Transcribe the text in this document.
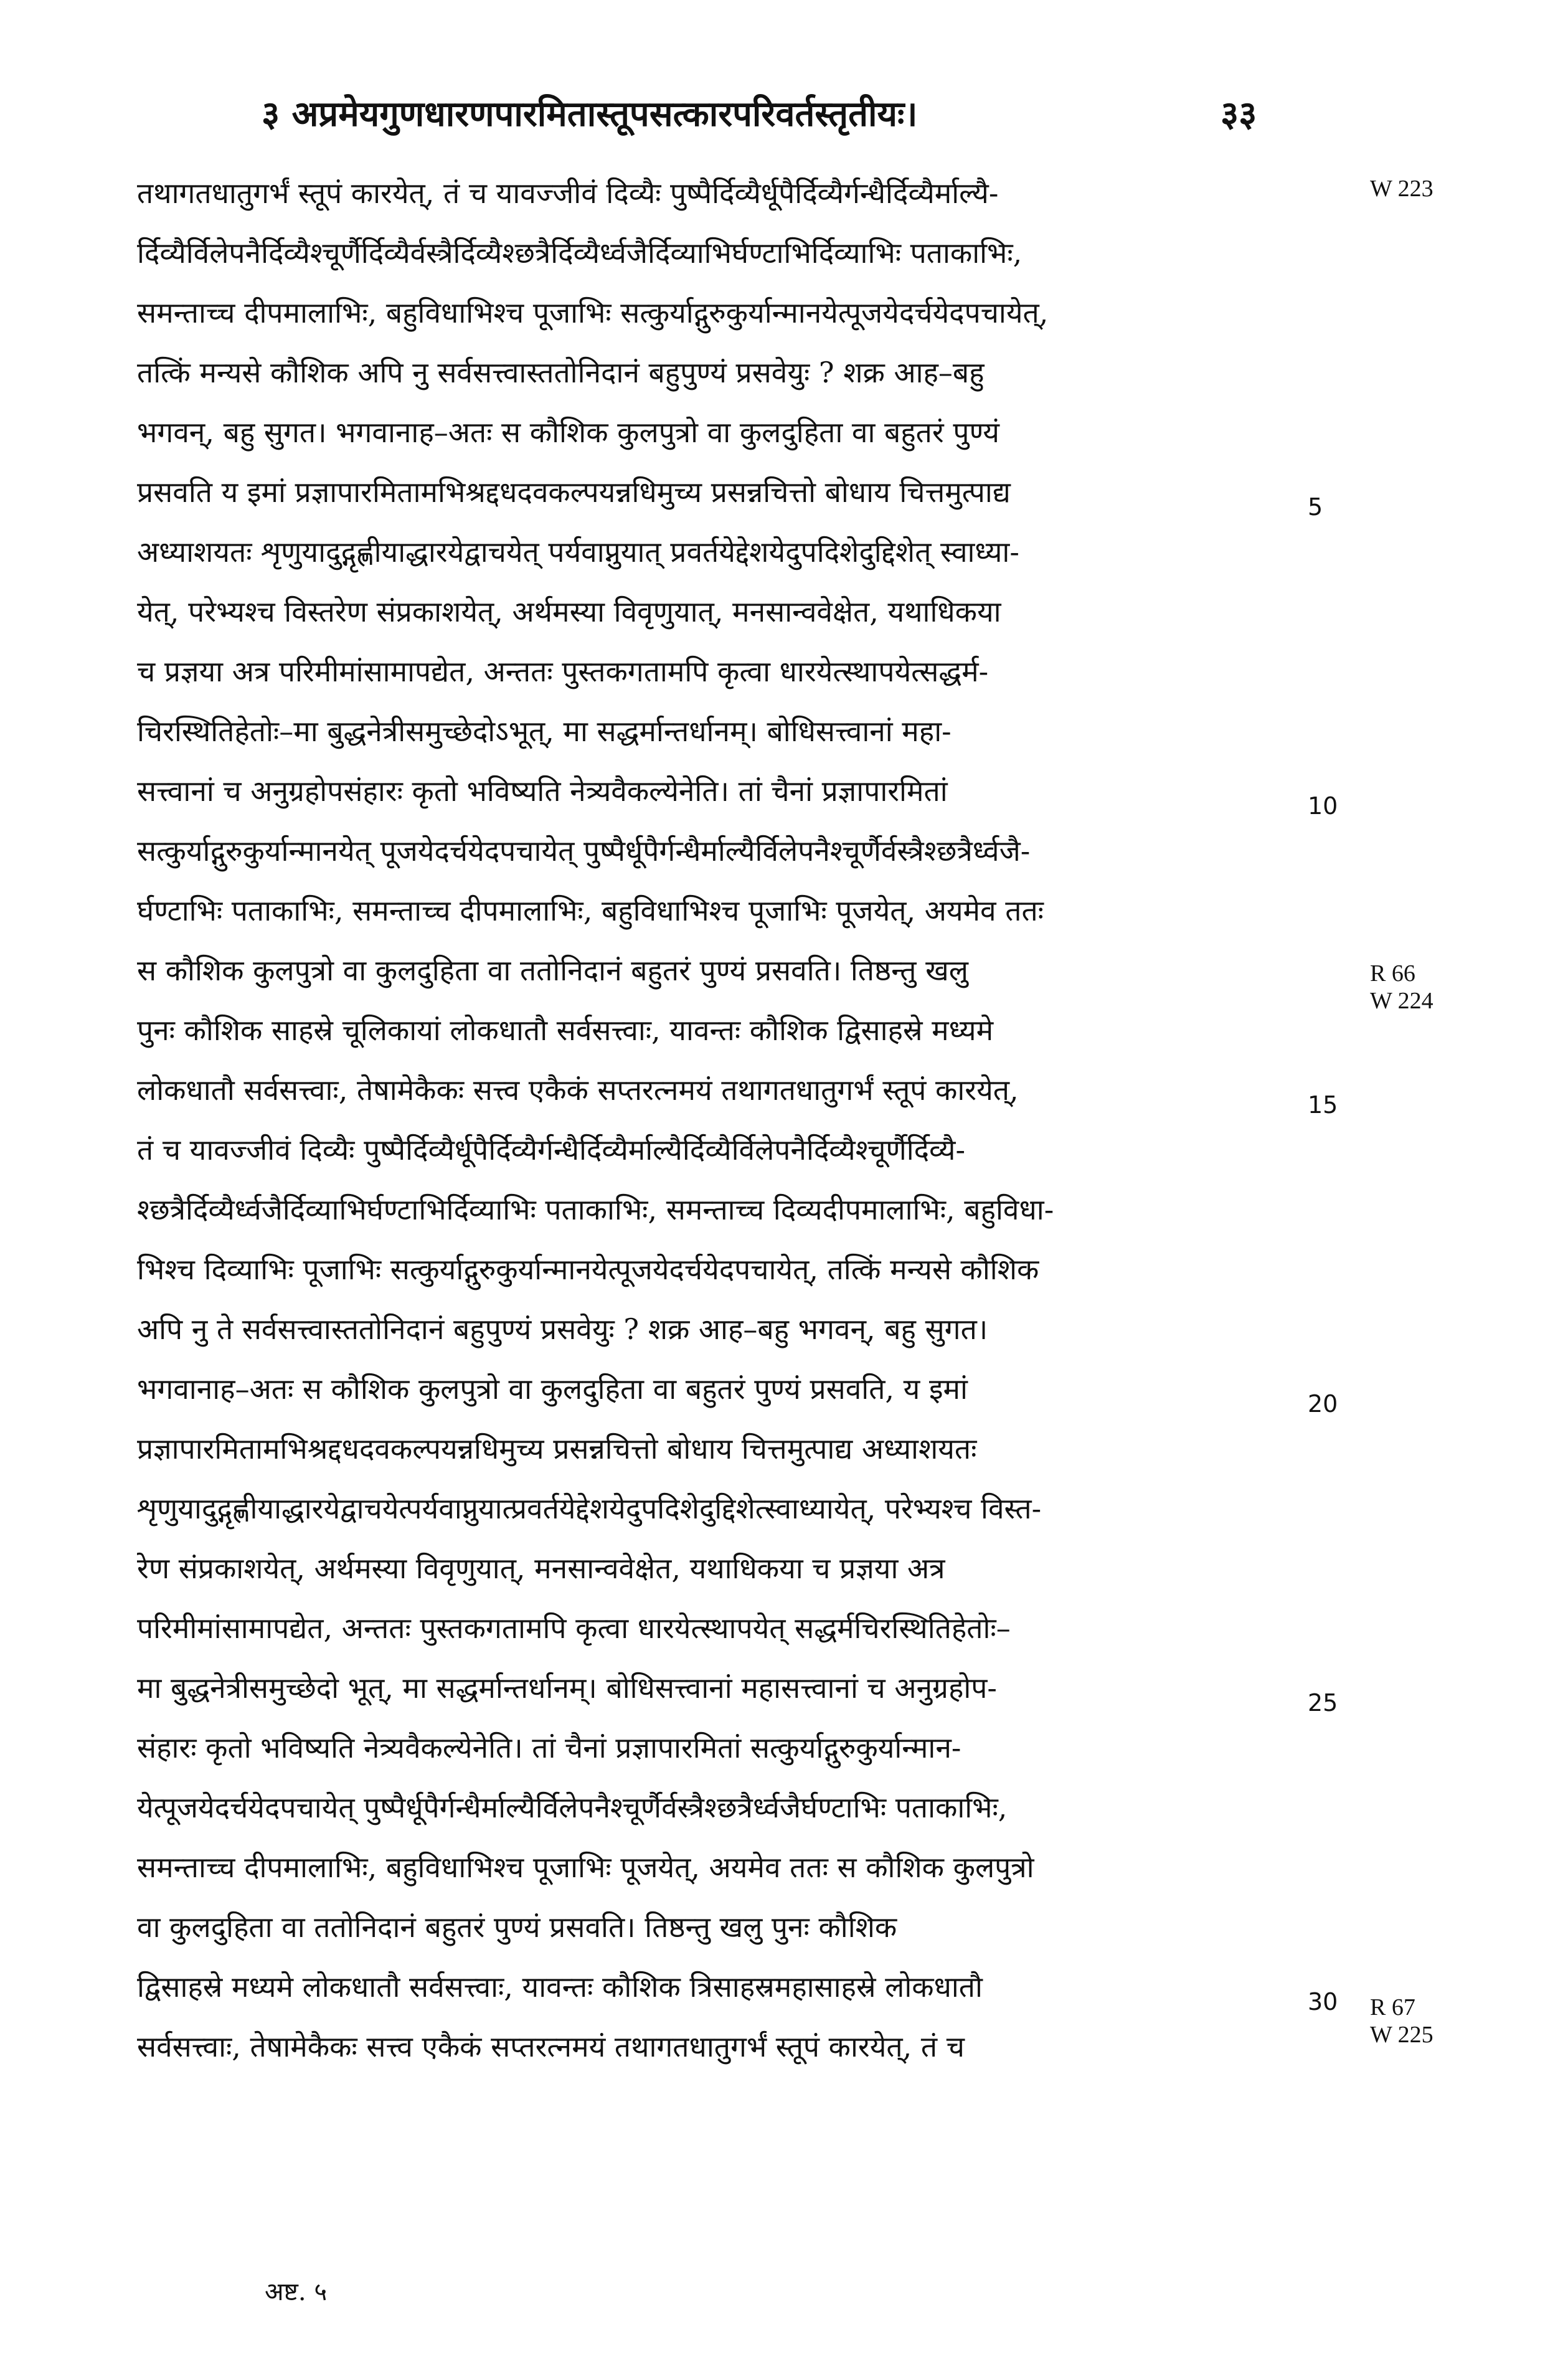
३ अप्रमेयगुणधारणपारमितास्तूपसत्कारपरिवर्तस्तृतीयः।	३३
तथागतधातुगर्भं स्तूपं कारयेत्, तं च यावज्जीवं दिव्यैः पुष्पैर्दिव्यैर्धूपैर्दिव्यैर्गन्धैर्दिव्यैर्माल्यै-
र्दिव्यैर्विलेपनैर्दिव्यैश्चूर्णैर्दिव्यैर्वस्त्रैर्दिव्यैश्छत्रैर्दिव्यैर्ध्वजैर्दिव्याभिर्घण्टाभिर्दिव्याभिः पताकाभिः,
समन्ताच्च दीपमालाभिः, बहुविधाभिश्च पूजाभिः सत्कुर्याद्गुरुकुर्यान्मानयेत्पूजयेदर्चयेदपचायेत्,
तत्किं मन्यसे कौशिक अपि नु सर्वसत्त्वास्ततोनिदानं बहुपुण्यं प्रसवेयुः ? शक्र आह–बहु
भगवन्, बहु सुगत। भगवानाह–अतः स कौशिक कुलपुत्रो वा कुलदुहिता वा बहुतरं पुण्यं
प्रसवति य इमां प्रज्ञापारमितामभिश्रद्दधदवकल्पयन्नधिमुच्य प्रसन्नचित्तो बोधाय चित्तमुत्पाद्य
अध्याशयतः शृणुयादुद्गृह्णीयाद्धारयेद्वाचयेत् पर्यवाप्नुयात् प्रवर्तयेद्देशयेदुपदिशेदुद्दिशेत् स्वाध्या-
येत्, परेभ्यश्च विस्तरेण संप्रकाशयेत्, अर्थमस्या विवृणुयात्, मनसान्ववेक्षेत, यथाधिकया
च प्रज्ञया अत्र परिमीमांसामापद्येत, अन्ततः पुस्तकगतामपि कृत्वा धारयेत्स्थापयेत्सद्धर्म-
चिरस्थितिहेतोः–मा बुद्धनेत्रीसमुच्छेदोऽभूत्, मा सद्धर्मान्तर्धानम्। बोधिसत्त्वानां महा-
सत्त्वानां च अनुग्रहोपसंहारः कृतो भविष्यति नेत्र्यवैकल्येनेति। तां चैनां प्रज्ञापारमितां
सत्कुर्याद्गुरुकुर्यान्मानयेत् पूजयेदर्चयेदपचायेत् पुष्पैर्धूपैर्गन्धैर्माल्यैर्विलेपनैश्चूर्णैर्वस्त्रैश्छत्रैर्ध्वजै-
र्घण्टाभिः पताकाभिः, समन्ताच्च दीपमालाभिः, बहुविधाभिश्च पूजाभिः पूजयेत्, अयमेव ततः
स कौशिक कुलपुत्रो वा कुलदुहिता वा ततोनिदानं बहुतरं पुण्यं प्रसवति। तिष्ठन्तु खलु
पुनः कौशिक साहस्रे चूलिकायां लोकधातौ सर्वसत्त्वाः, यावन्तः कौशिक द्विसाहस्रे मध्यमे
लोकधातौ सर्वसत्त्वाः, तेषामेकैकः सत्त्व एकैकं सप्तरत्नमयं तथागतधातुगर्भं स्तूपं कारयेत्,
तं च यावज्जीवं दिव्यैः पुष्पैर्दिव्यैर्धूपैर्दिव्यैर्गन्धैर्दिव्यैर्माल्यैर्दिव्यैर्विलेपनैर्दिव्यैश्चूर्णैर्दिव्यै-
श्छत्रैर्दिव्यैर्ध्वजैर्दिव्याभिर्घण्टाभिर्दिव्याभिः पताकाभिः, समन्ताच्च दिव्यदीपमालाभिः, बहुविधा-
भिश्च दिव्याभिः पूजाभिः सत्कुर्याद्गुरुकुर्यान्मानयेत्पूजयेदर्चयेदपचायेत्, तत्किं मन्यसे कौशिक
अपि नु ते सर्वसत्त्वास्ततोनिदानं बहुपुण्यं प्रसवेयुः ? शक्र आह–बहु भगवन्, बहु सुगत।
भगवानाह–अतः स कौशिक कुलपुत्रो वा कुलदुहिता वा बहुतरं पुण्यं प्रसवति, य इमां
प्रज्ञापारमितामभिश्रद्दधदवकल्पयन्नधिमुच्य प्रसन्नचित्तो बोधाय चित्तमुत्पाद्य अध्याशयतः
शृणुयादुद्गृह्णीयाद्धारयेद्वाचयेत्पर्यवाप्नुयात्प्रवर्तयेद्देशयेदुपदिशेदुद्दिशेत्स्वाध्यायेत्, परेभ्यश्च विस्त-
रेण संप्रकाशयेत्, अर्थमस्या विवृणुयात्, मनसान्ववेक्षेत, यथाधिकया च प्रज्ञया अत्र
परिमीमांसामापद्येत, अन्ततः पुस्तकगतामपि कृत्वा धारयेत्स्थापयेत् सद्धर्मचिरस्थितिहेतोः–
मा बुद्धनेत्रीसमुच्छेदो भूत्, मा सद्धर्मान्तर्धानम्। बोधिसत्त्वानां महासत्त्वानां च अनुग्रहोप-
संहारः कृतो भविष्यति नेत्र्यवैकल्येनेति। तां चैनां प्रज्ञापारमितां सत्कुर्याद्गुरुकुर्यान्मान-
येत्पूजयेदर्चयेदपचायेत् पुष्पैर्धूपैर्गन्धैर्माल्यैर्विलेपनैश्चूर्णैर्वस्त्रैश्छत्रैर्ध्वजैर्घण्टाभिः पताकाभिः,
समन्ताच्च दीपमालाभिः, बहुविधाभिश्च पूजाभिः पूजयेत्, अयमेव ततः स कौशिक कुलपुत्रो
वा कुलदुहिता वा ततोनिदानं बहुतरं पुण्यं प्रसवति। तिष्ठन्तु खलु पुनः कौशिक
द्विसाहस्रे मध्यमे लोकधातौ सर्वसत्त्वाः, यावन्तः कौशिक त्रिसाहस्रमहासाहस्रे लोकधातौ
सर्वसत्त्वाः, तेषामेकैकः सत्त्व एकैकं सप्तरत्नमयं तथागतधातुगर्भं स्तूपं कारयेत्, तं च
5
10
15
20
25
30
W 223
R 66
W 224
R 67
W 225
अष्ट. ५
